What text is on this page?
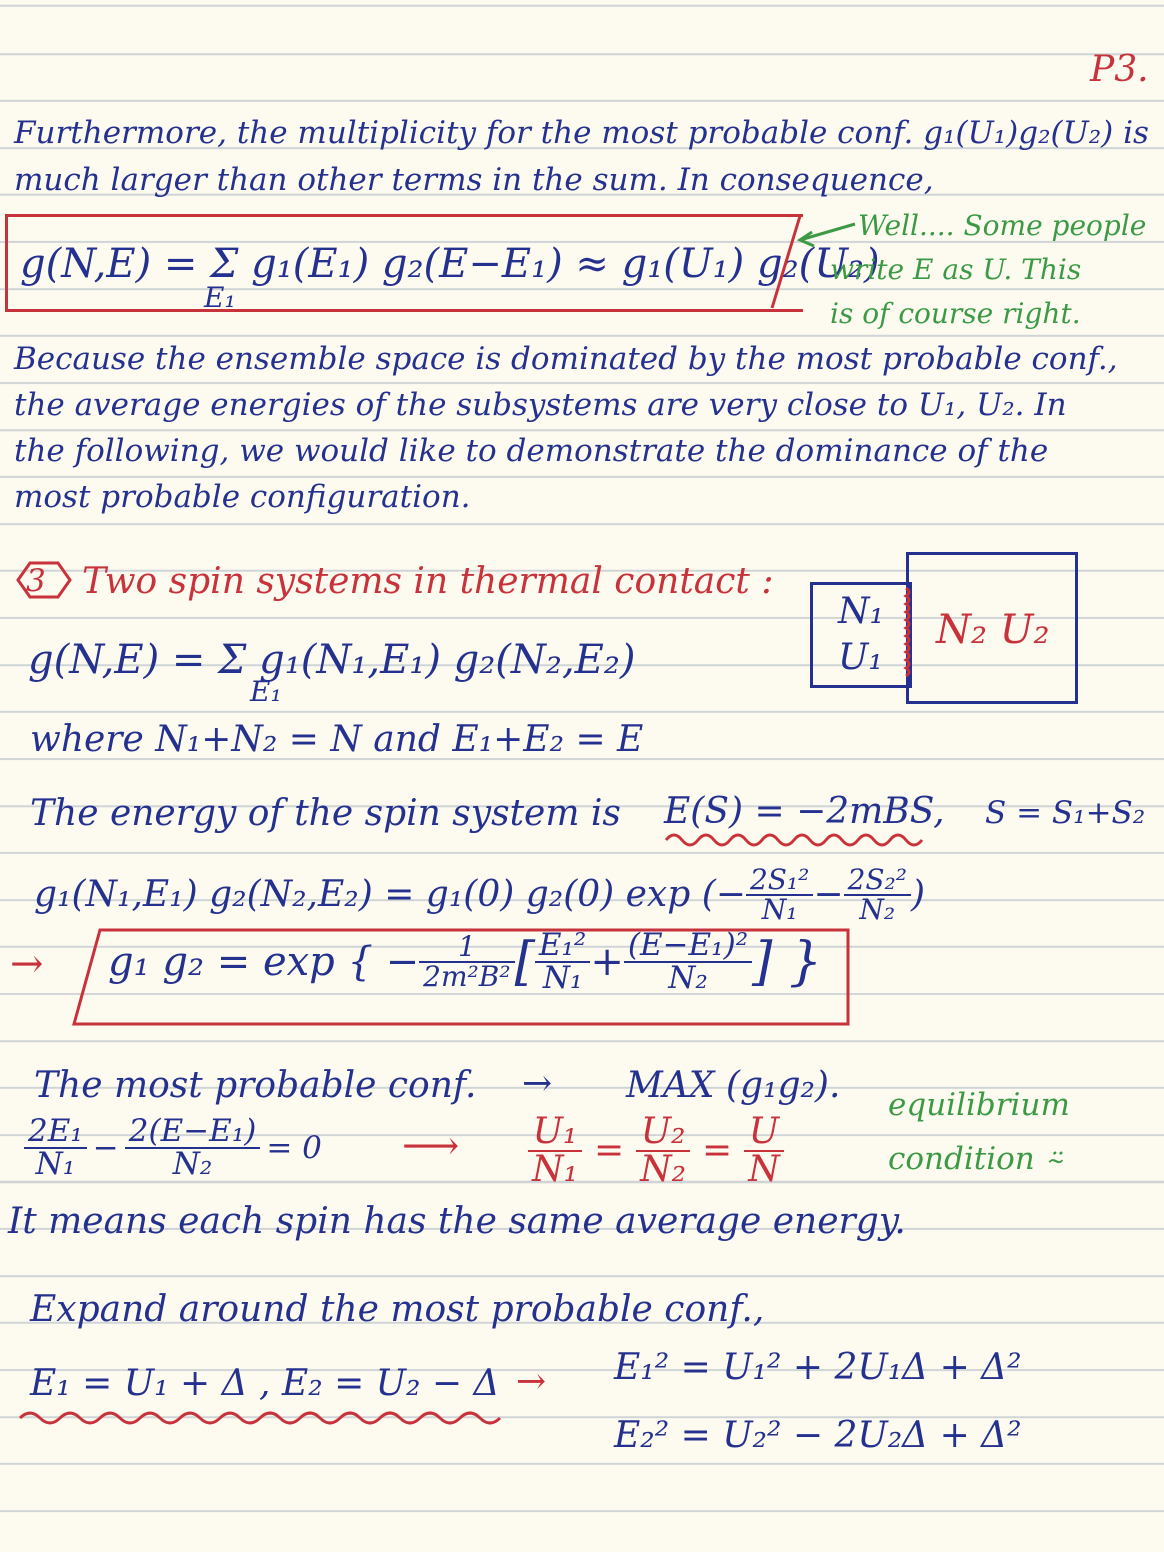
P3.
Furthermore, the multiplicity for the most probable conf. g₁(U₁)g₂(U₂) is
much larger than other terms in the sum. In consequence,
g(N,E) = Σ g₁(E₁) g₂(E−E₁) ≈ g₁(U₁) g₂(U₂)
E₁
Well.... Some people
write E as U. This
is of course right.
Because the ensemble space is dominated by the most probable conf.,
the average energies of the subsystems are very close to U₁, U₂. In
the following, we would like to demonstrate the dominance of the
most probable configuration.
3 Two spin systems in thermal contact :
N₁
U₁
N₂ U₂
g(N,E) = Σ g₁(N₁,E₁) g₂(N₂,E₂)
E₁
where N₁+N₂ = N and E₁+E₂ = E
The energy of the spin system is E(S) = −2mBS, S = S₁+S₂
g₁(N₁,E₁) g₂(N₂,E₂) = g₁(0) g₂(0) exp (− $\frac{\text{2S₁²}}{\text{N₁}} - \frac{\text{2S₂²}}{\text{N₂}}$ )
→ g₁ g₂ = exp { − $\frac{1}{\text{2m²B²}}$ [ $\frac{\text{E₁²}}{\text{N₁}} + \frac{\text{(E−E₁)²}}{\text{N₂}}$ ] }
The most probable conf. → MAX (g₁g₂).
$\frac{\text{2E₁}}{\text{N₁}} - \frac{\text{2(E−E₁)}}{\text{N₂}} = 0$ ⟶ $\frac{\text{U₁}}{\text{N₁}} = \frac{\text{U₂}}{\text{N₂}} = \frac{U}{N}$
equilibrium
condition ⍨
It means each spin has the same average energy.
Expand around the most probable conf.,
E₁ = U₁ + Δ , E₂ = U₂ − Δ → E₁² = U₁² + 2U₁Δ + Δ²
E₂² = U₂² − 2U₂Δ + Δ²
